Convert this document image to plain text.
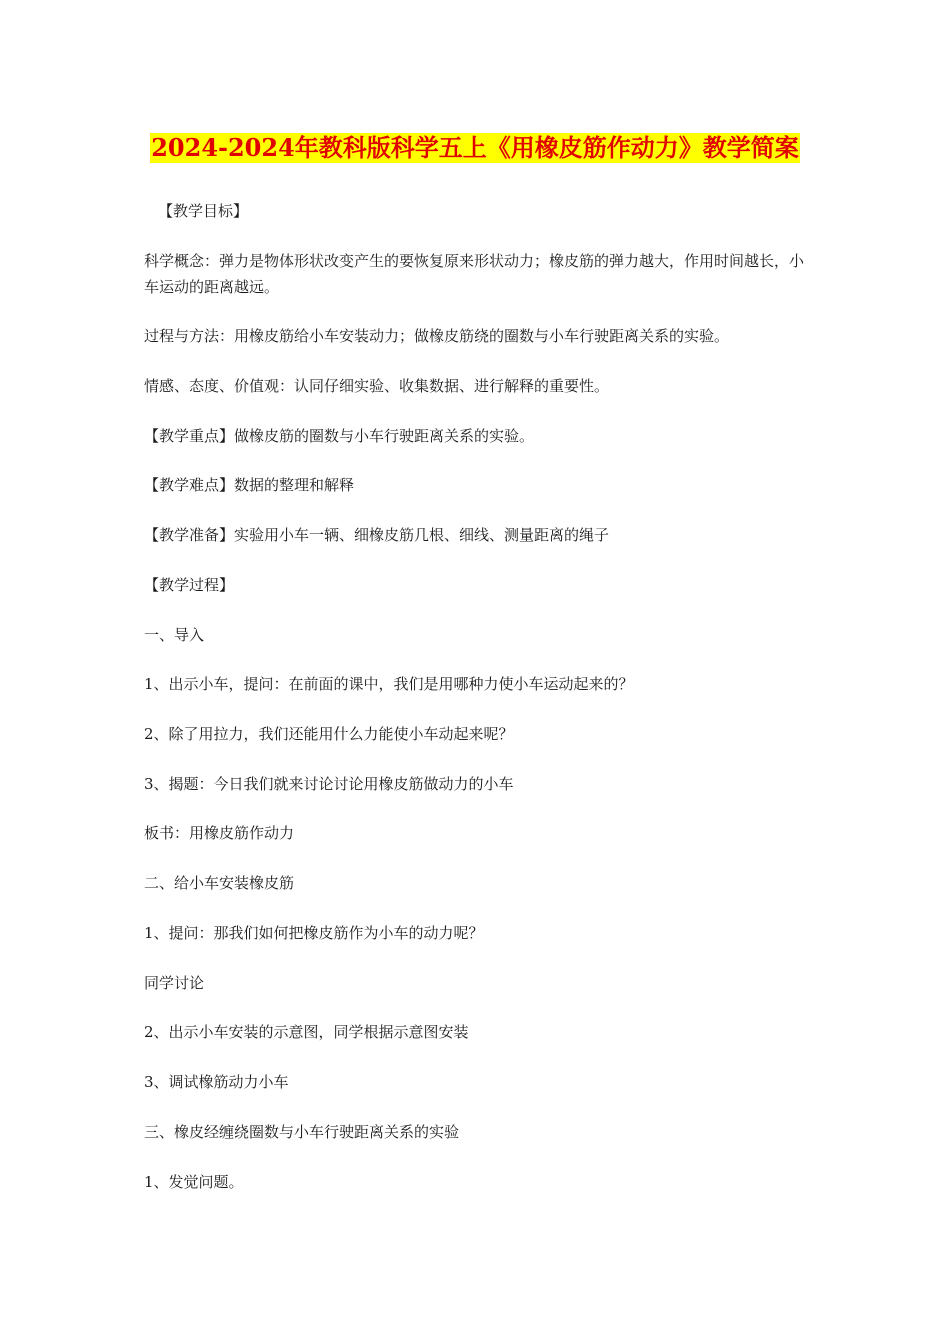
2024-2024年教科版科学五上《用橡皮筋作动力》教学简案
【教学目标】
科学概念：弹力是物体形状改变产生的要恢复原来形状动力；橡皮筋的弹力越大，作用时间越长，小车运动的距离越远。
过程与方法：用橡皮筋给小车安装动力；做橡皮筋绕的圈数与小车行驶距离关系的实验。
情感、态度、价值观：认同仔细实验、收集数据、进行解释的重要性。
【教学重点】做橡皮筋的圈数与小车行驶距离关系的实验。
【教学难点】数据的整理和解释
【教学准备】实验用小车一辆、细橡皮筋几根、细线、测量距离的绳子
【教学过程】
一、导入
1、出示小车，提问：在前面的课中，我们是用哪种力使小车运动起来的？
2、除了用拉力，我们还能用什么力能使小车动起来呢？
3、揭题：今日我们就来讨论讨论用橡皮筋做动力的小车
板书：用橡皮筋作动力
二、给小车安装橡皮筋
1、提问：那我们如何把橡皮筋作为小车的动力呢？
同学讨论
2、出示小车安装的示意图，同学根据示意图安装
3、调试橡筋动力小车
三、橡皮经缠绕圈数与小车行驶距离关系的实验
1、发觉问题。
